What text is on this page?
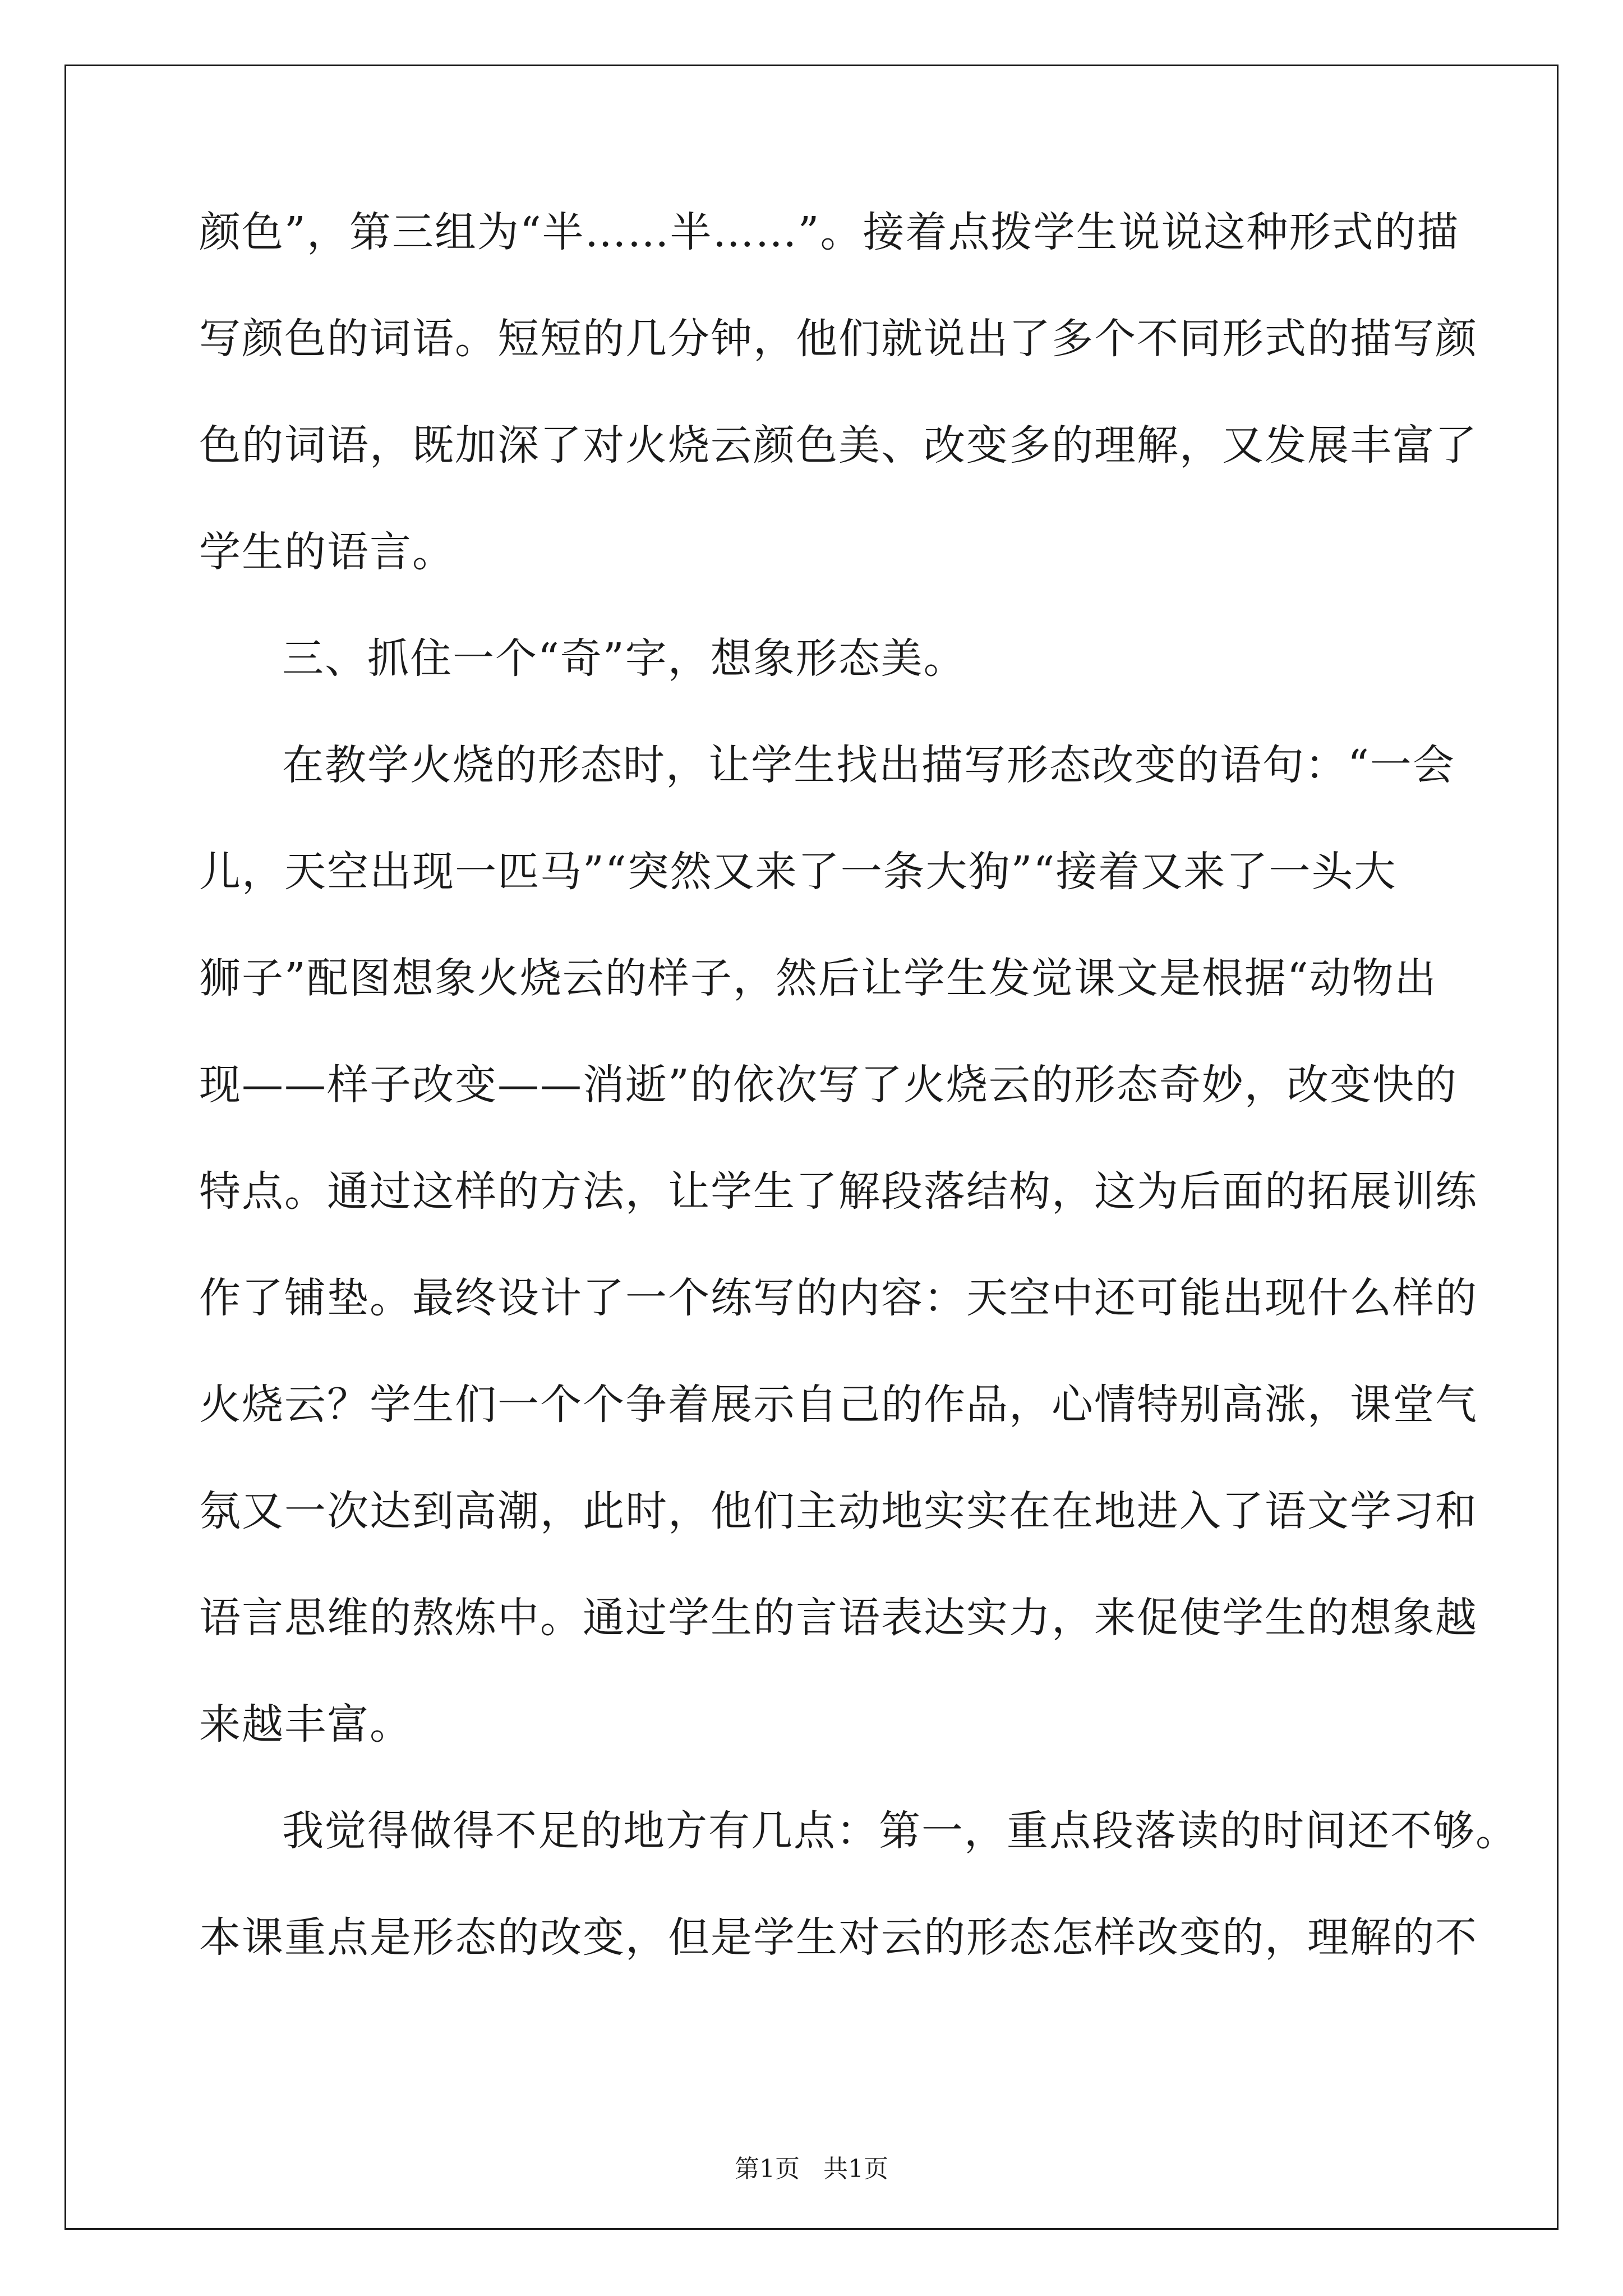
颜色”，第三组为“半……半……”。接着点拨学生说说这种形式的描
写颜色的词语。短短的几分钟，他们就说出了多个不同形式的描写颜
色的词语，既加深了对火烧云颜色美、改变多的理解，又发展丰富了
学生的语言。
三、抓住一个“奇”字，想象形态美。
在教学火烧的形态时，让学生找出描写形态改变的语句：“一会
儿，天空出现一匹马”“突然又来了一条大狗”“接着又来了一头大
狮子”配图想象火烧云的样子，然后让学生发觉课文是根据“动物出
现——样子改变——消逝”的依次写了火烧云的形态奇妙，改变快的
特点。通过这样的方法，让学生了解段落结构，这为后面的拓展训练
作了铺垫。最终设计了一个练写的内容：天空中还可能出现什么样的
火烧云？学生们一个个争着展示自己的作品，心情特别高涨，课堂气
氛又一次达到高潮，此时，他们主动地实实在在地进入了语文学习和
语言思维的熬炼中。通过学生的言语表达实力，来促使学生的想象越
来越丰富。
我觉得做得不足的地方有几点：第一，重点段落读的时间还不够。
本课重点是形态的改变，但是学生对云的形态怎样改变的，理解的不
第1页   共1页
